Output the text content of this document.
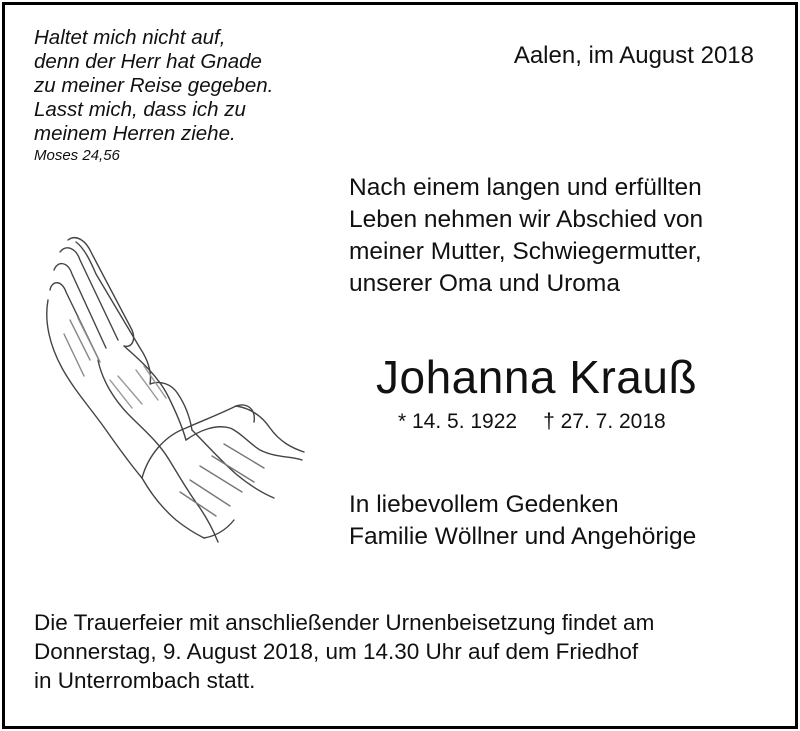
Haltet mich nicht auf,
denn der Herr hat Gnade
zu meiner Reise gegeben.
Lasst mich, dass ich zu
meinem Herren ziehe.
Moses 24,56
Aalen, im August 2018
Nach einem langen und erfüllten
Leben nehmen wir Abschied von
meiner Mutter, Schwiegermutter,
unserer Oma und Uroma
Johanna Krauß
* 14. 5. 1922 † 27. 7. 2018
In liebevollem Gedenken
Familie Wöllner und Angehörige
Die Trauerfeier mit anschließender Urnenbeisetzung findet am
Donnerstag, 9. August 2018, um 14.30 Uhr auf dem Friedhof
in Unterrombach statt.
